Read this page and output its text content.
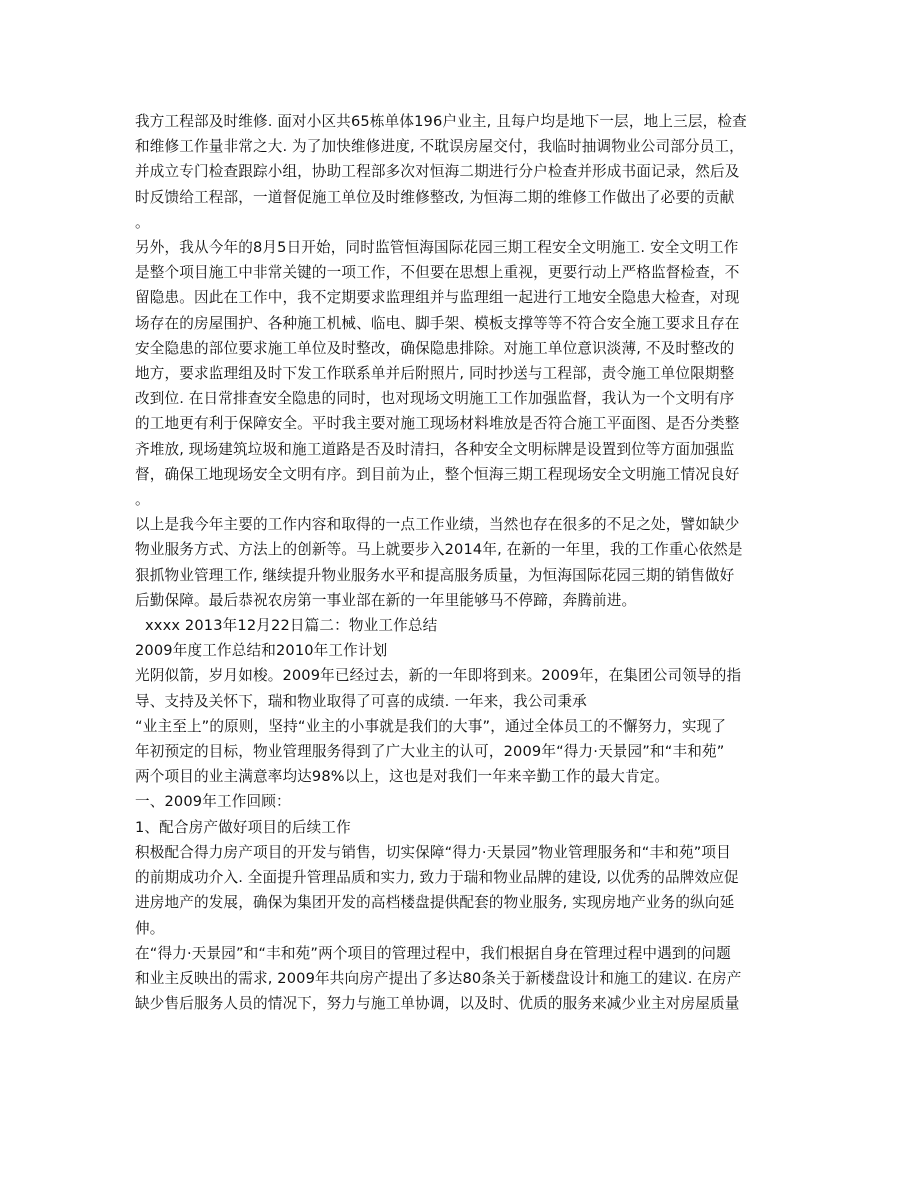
我方工程部及时维修. 面对小区共65栋单体196户业主, 且每户均是地下一层，地上三层，检查
和维修工作量非常之大. 为了加快维修进度, 不耽误房屋交付，我临时抽调物业公司部分员工，
并成立专门检查跟踪小组，协助工程部多次对恒海二期进行分户检查并形成书面记录，然后及
时反馈给工程部，一道督促施工单位及时维修整改, 为恒海二期的维修工作做出了必要的贡献
。
另外，我从今年的8月5日开始，同时监管恒海国际花园三期工程安全文明施工. 安全文明工作
是整个项目施工中非常关键的一项工作，不但要在思想上重视，更要行动上严格监督检查，不
留隐患。因此在工作中，我不定期要求监理组并与监理组一起进行工地安全隐患大检查，对现
场存在的房屋围护、各种施工机械、临电、脚手架、模板支撑等等不符合安全施工要求且存在
安全隐患的部位要求施工单位及时整改，确保隐患排除。对施工单位意识淡薄, 不及时整改的
地方，要求监理组及时下发工作联系单并后附照片, 同时抄送与工程部，责令施工单位限期整
改到位. 在日常排查安全隐患的同时，也对现场文明施工工作加强监督，我认为一个文明有序
的工地更有利于保障安全。平时我主要对施工现场材料堆放是否符合施工平面图、是否分类整
齐堆放, 现场建筑垃圾和施工道路是否及时清扫，各种安全文明标牌是设置到位等方面加强监
督，确保工地现场安全文明有序。到目前为止，整个恒海三期工程现场安全文明施工情况良好
。
以上是我今年主要的工作内容和取得的一点工作业绩，当然也存在很多的不足之处，譬如缺少
物业服务方式、方法上的创新等。马上就要步入2014年, 在新的一年里，我的工作重心依然是
狠抓物业管理工作, 继续提升物业服务水平和提高服务质量，为恒海国际花园三期的销售做好
后勤保障。最后恭祝农房第一事业部在新的一年里能够马不停蹄，奔腾前进。
xxxx 2013年12月22日篇二：物业工作总结
2009年度工作总结和2010年工作计划
光阴似箭，岁月如梭。2009年已经过去，新的一年即将到来。2009年，在集团公司领导的指
导、支持及关怀下，瑞和物业取得了可喜的成绩. 一年来，我公司秉承
“业主至上”的原则，坚持“业主的小事就是我们的大事”，通过全体员工的不懈努力，实现了
年初预定的目标，物业管理服务得到了广大业主的认可，2009年“得力·天景园”和“丰和苑”
两个项目的业主满意率均达98%以上，这也是对我们一年来辛勤工作的最大肯定。
一、2009年工作回顾：
1、配合房产做好项目的后续工作
积极配合得力房产项目的开发与销售，切实保障“得力·天景园”物业管理服务和“丰和苑”项目
的前期成功介入. 全面提升管理品质和实力, 致力于瑞和物业品牌的建设, 以优秀的品牌效应促
进房地产的发展，确保为集团开发的高档楼盘提供配套的物业服务, 实现房地产业务的纵向延
伸。
在“得力·天景园”和“丰和苑”两个项目的管理过程中，我们根据自身在管理过程中遇到的问题
和业主反映出的需求, 2009年共向房产提出了多达80条关于新楼盘设计和施工的建议. 在房产
缺少售后服务人员的情况下，努力与施工单协调，以及时、优质的服务来减少业主对房屋质量
